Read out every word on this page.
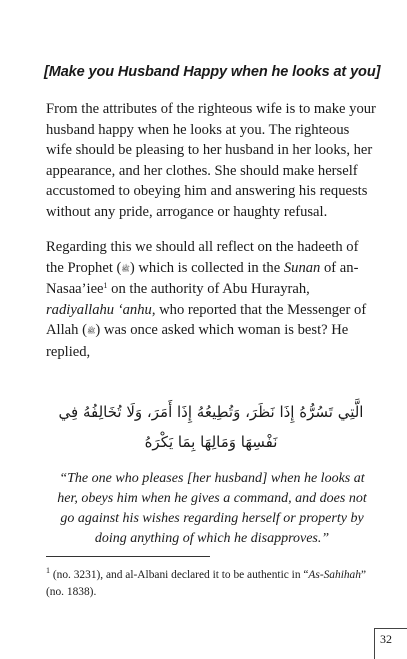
[Make you Husband Happy when he looks at you]
From the attributes of the righteous wife is to make your husband happy when he looks at you. The righteous wife should be pleasing to her husband in her looks, her appearance, and her clothes. She should make herself accustomed to obeying him and answering his requests without any pride, arrogance or haughty refusal.
Regarding this we should all reflect on the hadeeth of the Prophet (ﷺ) which is collected in the Sunan of an-Nasaa’iee$^1$ on the authority of Abu Hurayrah, radiyallahu ‘anhu, who reported that the Messenger of Allah (ﷺ) was once asked which woman is best? He replied,
الَّتِي تَسُرُّهُ إِذَا نَظَرَ، وَتُطِيعُهُ إِذَا أَمَرَ، وَلَا تُخَالِفُهُ فِي نَفْسِهَا وَمَالِهَا بِمَا يَكْرَهُ
“The one who pleases [her husband] when he looks at her, obeys him when he gives a command, and does not go against his wishes regarding herself or property by doing anything of which he disapproves.”
$^1$ (no. 3231), and al-Albani declared it to be authentic in “As-Sahihah” (no. 1838).
32
